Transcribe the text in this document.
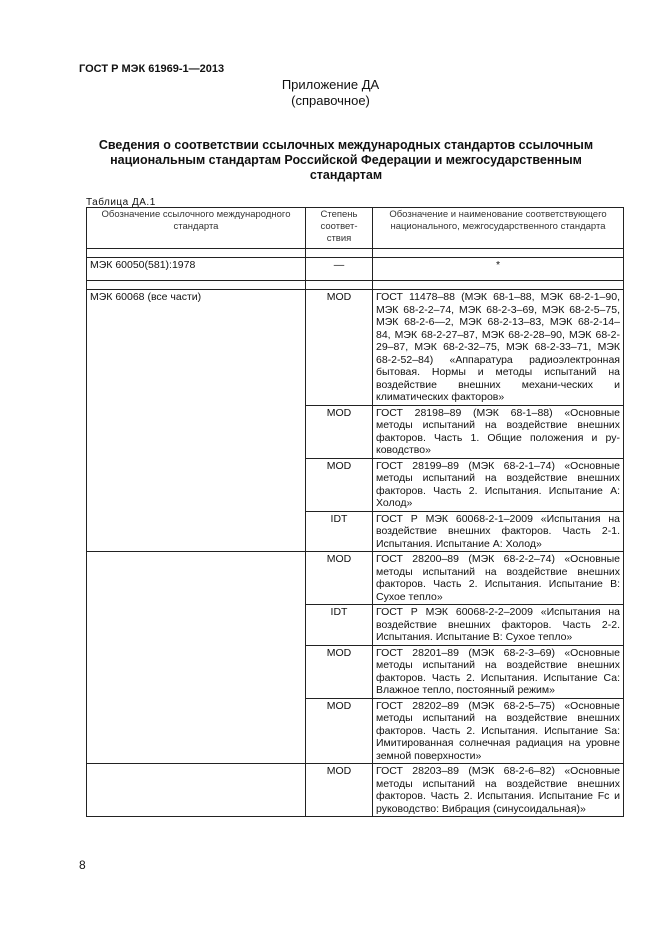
ГОСТ Р МЭК 61969-1—2013
Приложение ДА
(справочное)
Сведения о соответствии ссылочных международных стандартов ссылочным
национальным стандартам Российской Федерации и межгосударственным
стандартам
Таблица ДА.1
Обозначение ссылочного международного стандарта	Степень соответ-ствия	Обозначение и наименование соответствующего национального, межгосударственного стандарта

МЭК 60050(581):1978	—	*

МЭК 60068 (все части)	MOD	ГОСТ 11478–88 (МЭК 68-1–88, МЭК 68-2-1–90, МЭК 68-2-2–74, МЭК 68-2-3–69, МЭК 68-2-5–75, МЭК 68-2-6—2, МЭК 68-2-13–83, МЭК 68-2-14–84, МЭК 68-2-27–87, МЭК 68-2-28–90, МЭК 68-2-29–87, МЭК 68-2-32–75, МЭК 68-2-33–71, МЭК 68-2-52–84) «Аппаратура радиоэлектронная бытовая. Нормы и методы испытаний на воздействие внешних механи-ческих и климатических факторов»
	MOD	ГОСТ 28198–89 (МЭК 68-1–88) «Основные методы испытаний на воздействие внешних факторов. Часть 1. Общие положения и ру-ководство»
	MOD	ГОСТ 28199–89 (МЭК 68-2-1–74) «Основные методы испытаний на воздействие внешних факторов. Часть 2. Испытания. Испытание А: Холод»
	IDT	ГОСТ Р МЭК 60068-2-1–2009 «Испытания на воздействие внешних факторов. Часть 2-1. Испытания. Испытание А: Холод»
	MOD	ГОСТ 28200–89 (МЭК 68-2-2–74) «Основные методы испытаний на воздействие внешних факторов. Часть 2. Испытания. Испытание В: Сухое тепло»
	IDT	ГОСТ Р МЭК 60068-2-2–2009 «Испытания на воздействие внешних факторов. Часть 2-2. Испытания. Испытание В: Сухое тепло»
	MOD	ГОСТ 28201–89 (МЭК 68-2-3–69) «Основные методы испытаний на воздействие внешних факторов. Часть 2. Испытания. Испытание Са: Влажное тепло, постоянный режим»
	MOD	ГОСТ 28202–89 (МЭК 68-2-5–75) «Основные методы испытаний на воздействие внешних факторов. Часть 2. Испытания. Испытание Sa: Имитированная солнечная радиация на уровне земной поверхности»
	MOD	ГОСТ 28203–89 (МЭК 68-2-6–82) «Основные методы испытаний на воздействие внешних факторов. Часть 2. Испытания. Испытание Fc и руководство: Вибрация (синусоидальная)»
8
